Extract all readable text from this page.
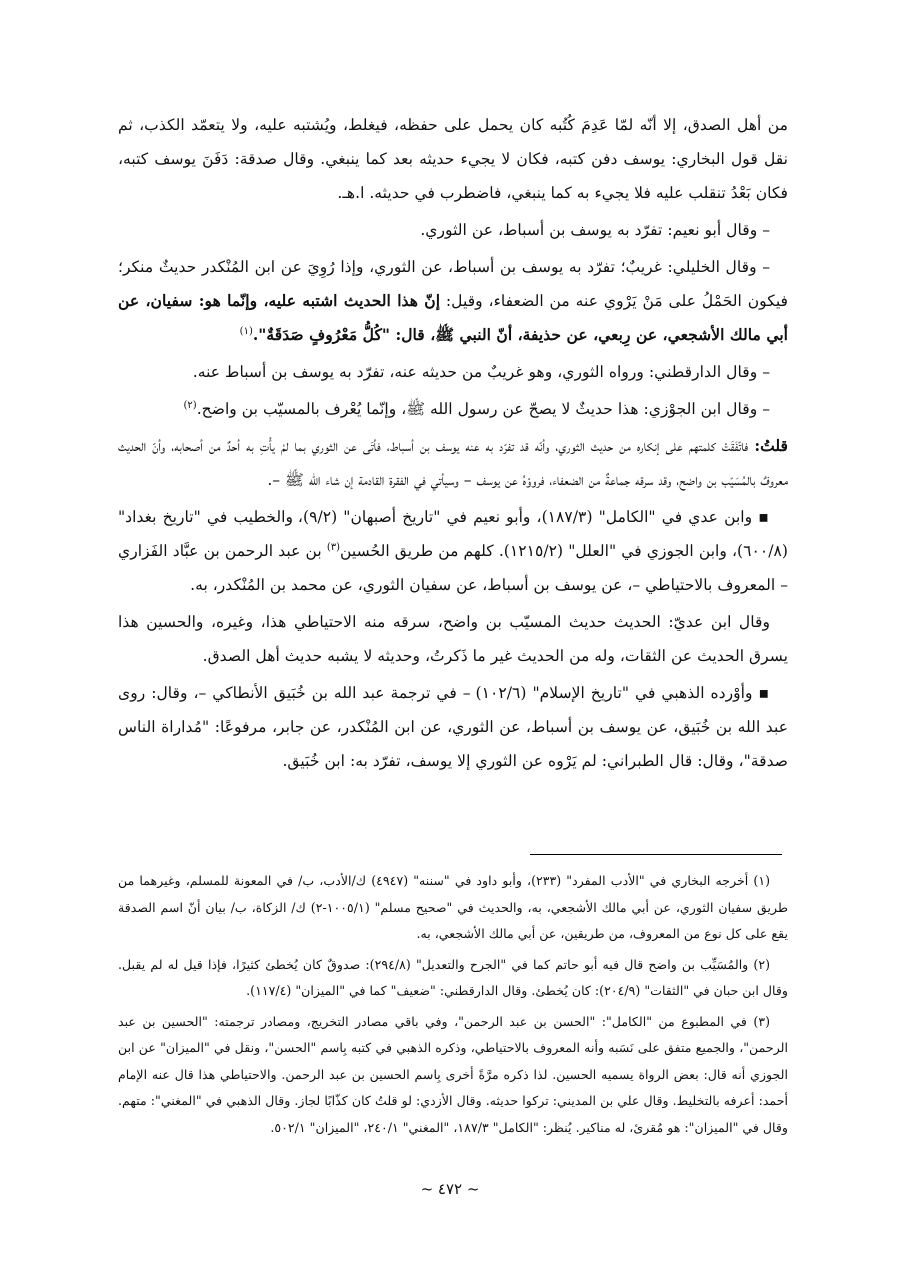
من أهل الصدق، إلا أنّه لمّا عَدِمَ كُتُبه كان يحمل على حفظه، فيغلط، ويُشتبه عليه، ولا يتعمّد الكذب، ثم نقل قول البخاري: يوسف دفن كتبه، فكان لا يجيء حديثه بعد كما ينبغي. وقال صدقة: دَفَنَ يوسف كتبه، فكان بَعْدُ تنقلب عليه فلا يجيء به كما ينبغي، فاضطرب في حديثه. ا.هـ.

– وقال أبو نعيم: تفرّد به يوسف بن أسباط، عن الثوري.

– وقال الخليلي: غريبٌ؛ تفرّد به يوسف بن أسباط، عن الثوري، وإذا رُوِيَ عن ابن المُنْكدر حديثٌ منكر؛ فيكون الحَمْلُ على مَنْ يَرْوي عنه من الضعفاء، وقيل: إنّ هذا الحديث اشتبه عليه، وإنّما هو: سفيان، عن أبي مالك الأشجعي، عن رِبعي، عن حذيفة، أنّ النبي ﷺ، قال: "كُلُّ مَعْرُوفٍ صَدَقَةٌ".$^{(١)}$

– وقال الدارقطني: ورواه الثوري، وهو غريبٌ من حديثه عنه، تفرّد به يوسف بن أسباط عنه.

– وقال ابن الجوْزي: هذا حديثٌ لا يصحّ عن رسول الله ﷺ، وإنّما يُعْرف بالمسيّب بن واضح.$^{(٢)}$

قلتُ: فاتّفَقَتْ كلمتهم على إنكاره من حديث الثوري، وأنّه قد تفرّد به عنه يوسف بن أسباط، فأتَى عن الثوري بما لمْ يأْتِ به أحدٌ من أصحابه، وأنّ الحديث معروفٌ بالمُسَيّب بن واضح، وقد سرقه جماعةٌ من الضعفاء، فرووْهُ عن يوسف – وسيأتي في الفقرة القادمة إن شاء الله ﷺ –.

▪ وابن عدي في "الكامل" (١٨٧/٣)، وأبو نعيم في "تاريخ أصبهان" (٩/٢)، والخطيب في "تاريخ بغداد" (٦٠٠/٨)، وابن الجوزي في "العلل" (١٢١٥/٢). كلهم من طريق الحُسين$^{(٣)}$ بن عبد الرحمن بن عبَّاد الفَزاري – المعروف بالاحتياطي –، عن يوسف بن أسباط، عن سفيان الثوري، عن محمد بن المُنْكدر، به.

وقال ابن عديّ: الحديث حديث المسيّب بن واضح، سرقه منه الاحتياطي هذا، وغيره، والحسين هذا يسرق الحديث عن الثقات، وله من الحديث غير ما ذَكرتُ، وحديثه لا يشبه حديث أهل الصدق.

▪ وأوْرده الذهبي في "تاريخ الإسلام" (١٠٢/٦) – في ترجمة عبد الله بن خُبَيق الأنطاكي –، وقال: روى عبد الله بن خُبَيق، عن يوسف بن أسباط، عن الثوري، عن ابن المُنْكدر، عن جابر، مرفوعًا: "مُداراة الناس صدقة"، وقال: قال الطبراني: لم يَرْوه عن الثوري إلا يوسف، تفرّد به: ابن خُبَيق.

(١) أخرجه البخاري في "الأدب المفرد" (٢٣٣)، وأبو داود في "سننه" (٤٩٤٧) ك/الأدب، ب/ في المعونة للمسلم، وغيرهما من طريق سفيان الثوري، عن أبي مالك الأشجعي، به، والحديث في "صحيح مسلم" (١٠٠٥/١-٢) ك/ الزكاة، ب/ بيان أنّ اسم الصدقة يقع على كل نوع من المعروف، من طريقين، عن أبي مالك الأشجعي، به.

(٢) والمُسَيِّب بن واضح قال فيه أبو حاتم كما في "الجرح والتعديل" (٢٩٤/٨): صدوقٌ كان يُخطئ كثيرًا، فإذا قيل له لم يقبل. وقال ابن حبان في "الثقات" (٢٠٤/٩): كان يُخطئ. وقال الدارقطني: "ضعيف" كما في "الميزان" (١١٧/٤).

(٣) في المطبوع من "الكامل": "الحسن بن عبد الرحمن"، وفي باقي مصادر التخريج، ومصادر ترجمته: "الحسين بن عبد الرحمن"، والجميع متفق على نَسَبه وأنه المعروف بالاحتياطي، وذكره الذهبي في كتبه بِاسم "الحسن"، ونقل في "الميزان" عن ابن الجوزي أنه قال: بعض الرواة يسميه الحسين. لذا ذكره مرَّةً أخرى بِاسم الحسين بن عبد الرحمن. والاحتياطي هذا قال عنه الإمام أحمد: أعرفه بالتخليط. وقال علي بن المديني: تركوا حديثه. وقال الأزدي: لو قلتُ كان كذّابًا لجاز. وقال الذهبي في "المغني": متهم. وقال في "الميزان": هو مُقرئ، له مناكير. يُنظر: "الكامل" ١٨٧/٣، "المغني" ٢٤٠/١، "الميزان" ٥٠٢/١.

~ ٤٧٢ ~
